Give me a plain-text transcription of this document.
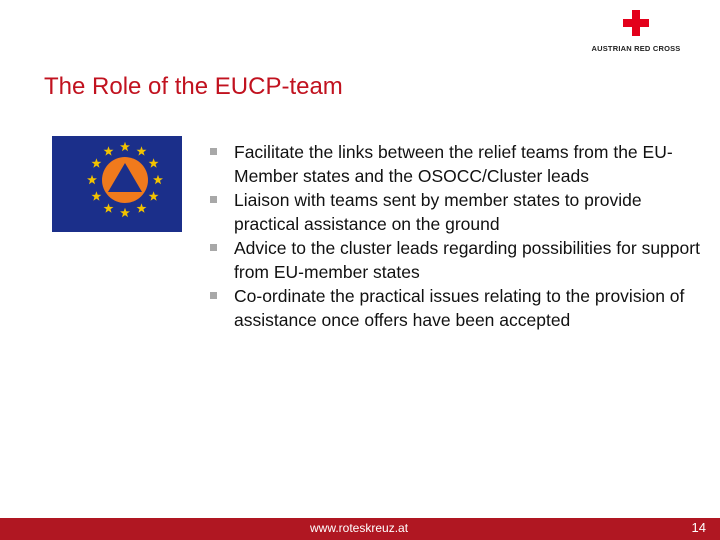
AUSTRIAN RED CROSS
The Role of the EUCP-team
Facilitate the links between the relief teams from the EU-Member states and the OSOCC/Cluster leads
Liaison with teams sent by member states to provide practical assistance on the ground
Advice to the cluster leads regarding possibilities for support from EU-member states
Co-ordinate the practical issues relating to the provision of assistance once offers have been accepted
www.roteskreuz.at	14
